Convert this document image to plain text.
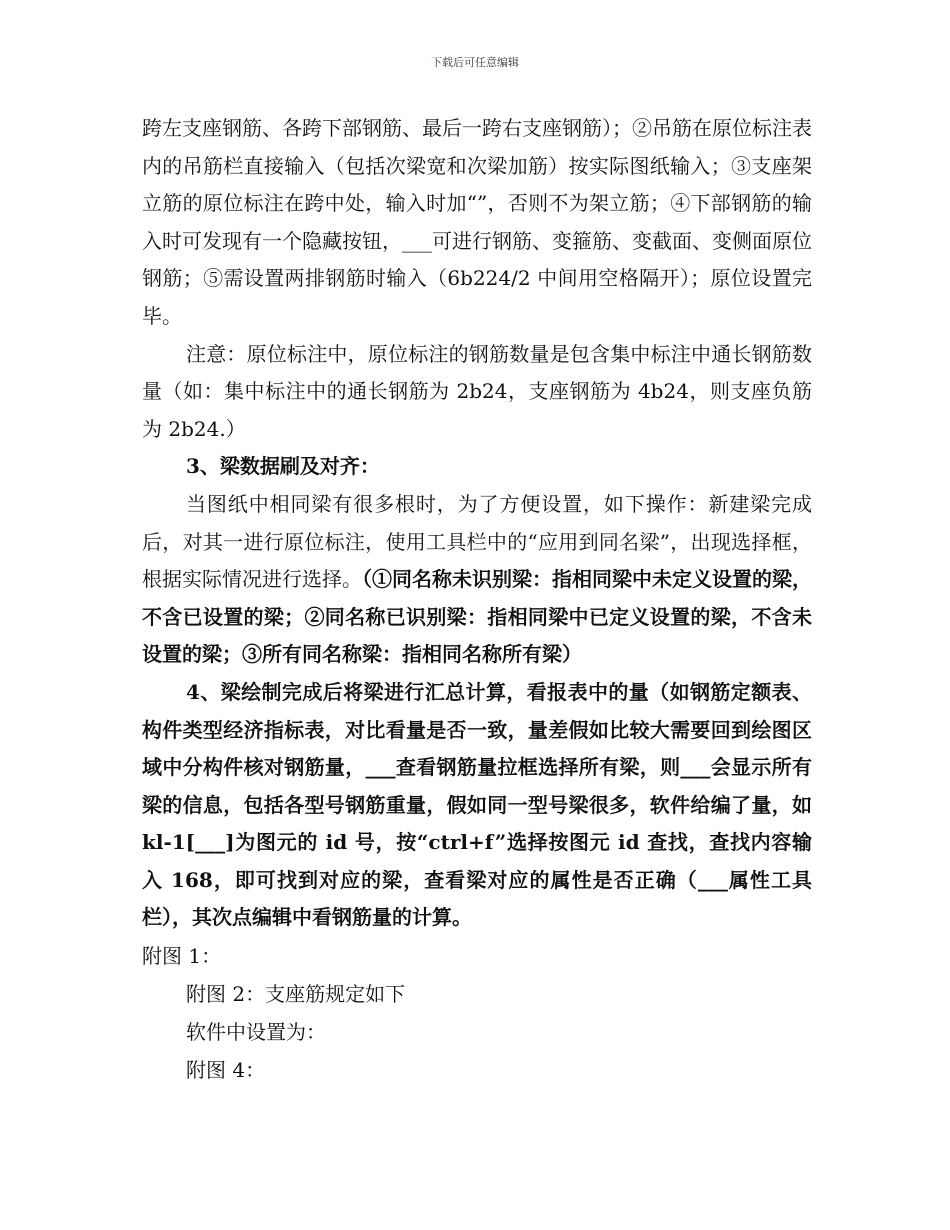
下载后可任意编辑

跨左支座钢筋、各跨下部钢筋、最后一跨右支座钢筋）；②吊筋在原位标注表内的吊筋栏直接输入（包括次梁宽和次梁加筋）按实际图纸输入；③支座架立筋的原位标注在跨中处，输入时加“”，否则不为架立筋；④下部钢筋的输入时可发现有一个隐藏按钮，___可进行钢筋、变箍筋、变截面、变侧面原位钢筋；⑤需设置两排钢筋时输入（6b224/2 中间用空格隔开）；原位设置完毕。

注意：原位标注中，原位标注的钢筋数量是包含集中标注中通长钢筋数量（如：集中标注中的通长钢筋为 2b24，支座钢筋为 4b24，则支座负筋为 2b24.）

3、梁数据刷及对齐：

当图纸中相同梁有很多根时，为了方便设置，如下操作：新建梁完成后，对其一进行原位标注，使用工具栏中的“应用到同名梁”，出现选择框，根据实际情况进行选择。（①同名称未识别梁：指相同梁中未定义设置的梁，不含已设置的梁；②同名称已识别梁：指相同梁中已定义设置的梁，不含未设置的梁；③所有同名称梁：指相同名称所有梁）

4、梁绘制完成后将梁进行汇总计算，看报表中的量（如钢筋定额表、构件类型经济指标表，对比看量是否一致，量差假如比较大需要回到绘图区域中分构件核对钢筋量，___查看钢筋量拉框选择所有梁，则___会显示所有梁的信息，包括各型号钢筋重量，假如同一型号梁很多，软件给编了量，如 kl-1[___]为图元的 id 号，按“ctrl+f”选择按图元 id 查找，查找内容输入 168，即可找到对应的梁，查看梁对应的属性是否正确（___属性工具栏），其次点编辑中看钢筋量的计算。

附图 1：

附图 2：支座筋规定如下

软件中设置为：

附图 4：
